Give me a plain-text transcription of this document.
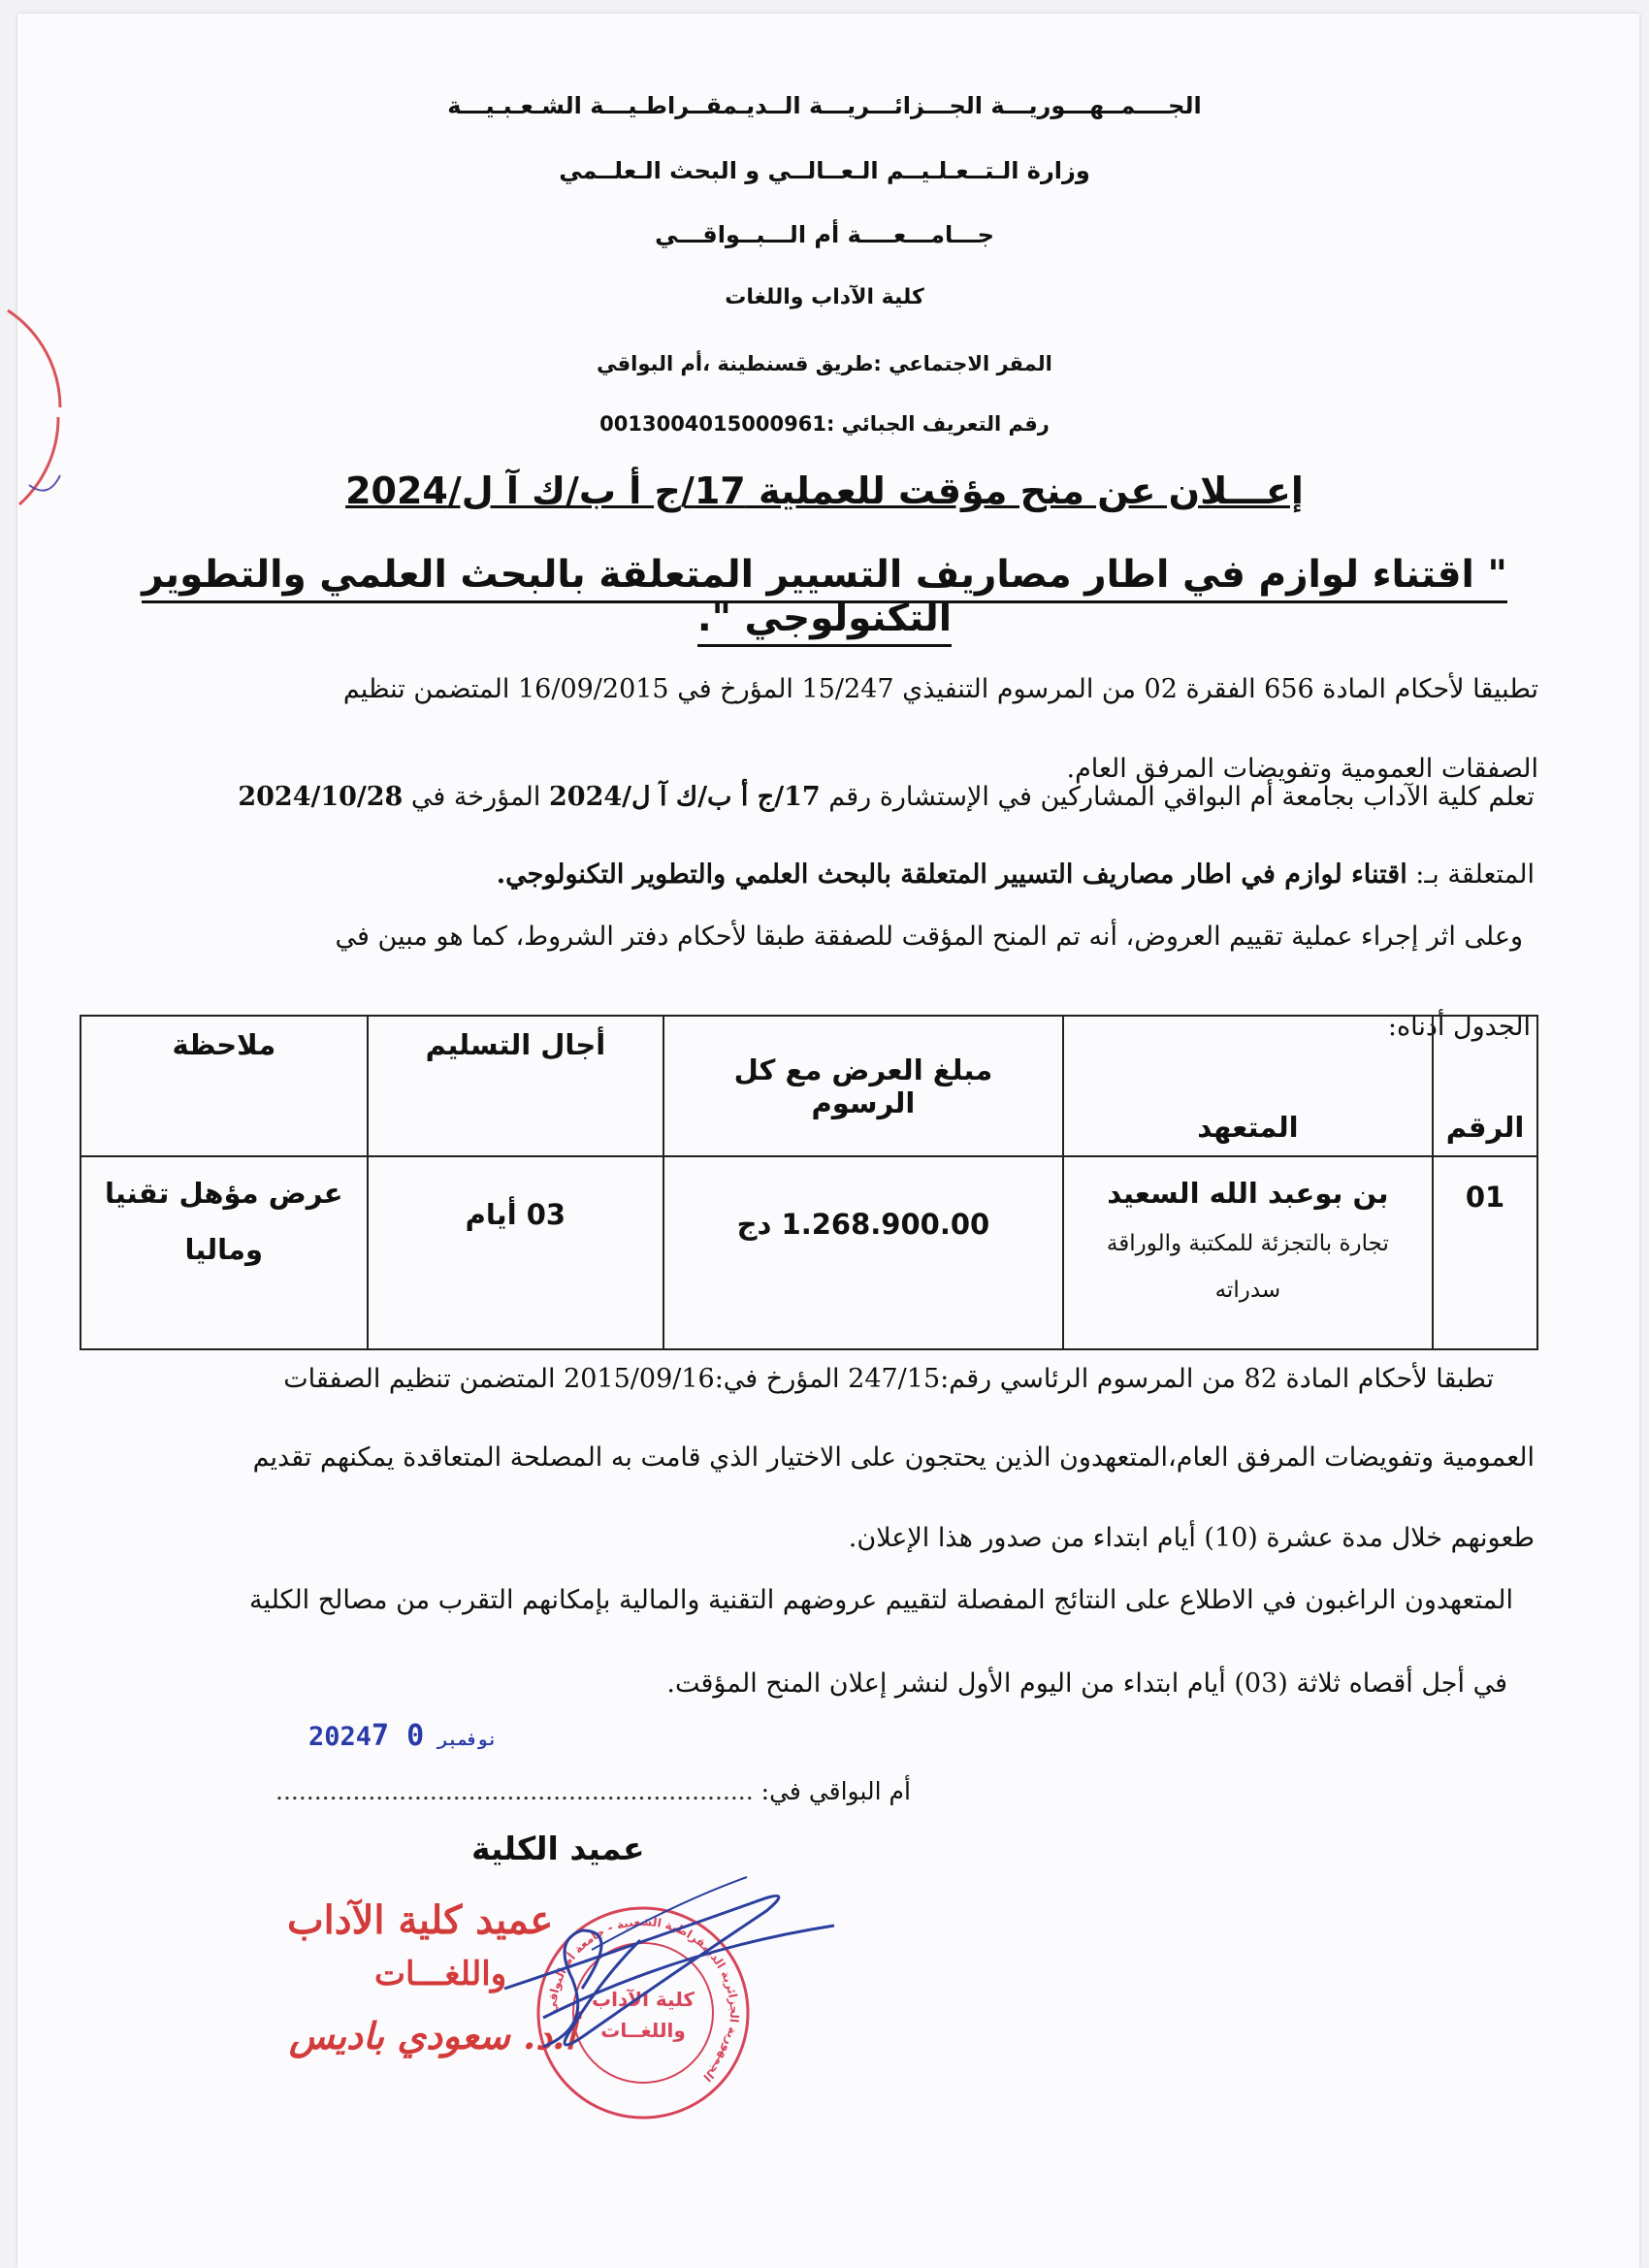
الجــــمــهـــوريـــة الجـــزائـــريـــة الــديـمقــراطـيـــة الشـعـبـيـــة
وزارة الـتــعـلـيــم الـعــالــي و البحث الـعلــمي
جـــامـــعــــة أم الـــبــواقـــي
كلية الآداب واللغات
المقر الاجتماعي :طريق قسنطينة ،أم البواقي
رقم التعريف الجبائي :0013004015000961
إعـــلان عن منح مؤقت للعملية 17/ج أ ب/ك آ ل/2024
" اقتناء لوازم في اطار مصاريف التسيير المتعلقة بالبحث العلمي والتطوير التكنولوجي ".
تطبيقا لأحكام المادة 656 الفقرة 02 من المرسوم التنفيذي 15/247 المؤرخ في 16/09/2015 المتضمن تنظيم
الصفقات العمومية وتفويضات المرفق العام.
تعلم كلية الآداب بجامعة أم البواقي المشاركين في الإستشارة رقم 17/ج أ ب/ك آ ل/2024 المؤرخة في 2024/10/28
المتعلقة بـ: اقتناء لوازم في اطار مصاريف التسيير المتعلقة بالبحث العلمي والتطوير التكنولوجي.
وعلى اثر إجراء عملية تقييم العروض، أنه تم المنح المؤقت للصفقة طبقا لأحكام دفتر الشروط، كما هو مبين في
الجدول أدناه:
الرقم	المتعهد	مبلغ العرض مع كل الرسوم	أجال التسليم	ملاحظة
01	بن بوعبد الله السعيد
تجارة بالتجزئة للمكتبة والوراقة
سدراته	1.268.900.00 دج	03 أيام	عرض مؤهل تقنيا وماليا
تطبقا لأحكام المادة 82 من المرسوم الرئاسي رقم:247/15 المؤرخ في:2015/09/16 المتضمن تنظيم الصفقات
العمومية وتفويضات المرفق العام،المتعهدون الذين يحتجون على الاختيار الذي قامت به المصلحة المتعاقدة يمكنهم تقديم
طعونهم خلال مدة عشرة (10) أيام ابتداء من صدور هذا الإعلان.
المتعهدون الراغبون في الاطلاع على النتائج المفصلة لتقييم عروضهم التقنية والمالية بإمكانهم التقرب من مصالح الكلية
في أجل أقصاه ثلاثة (03) أيام ابتداء من اليوم الأول لنشر إعلان المنح المؤقت.
2024	نوفمبر0 7
أم البواقي في: ..............................................................
عميد الكلية
عميد كلية الآداب
واللغـــات
أ.د. سعودي باديس
الجمهورية الجزائرية الديمقراطية الشعبية - جامعة أم البواقي
كلية الآداب
واللغــات
